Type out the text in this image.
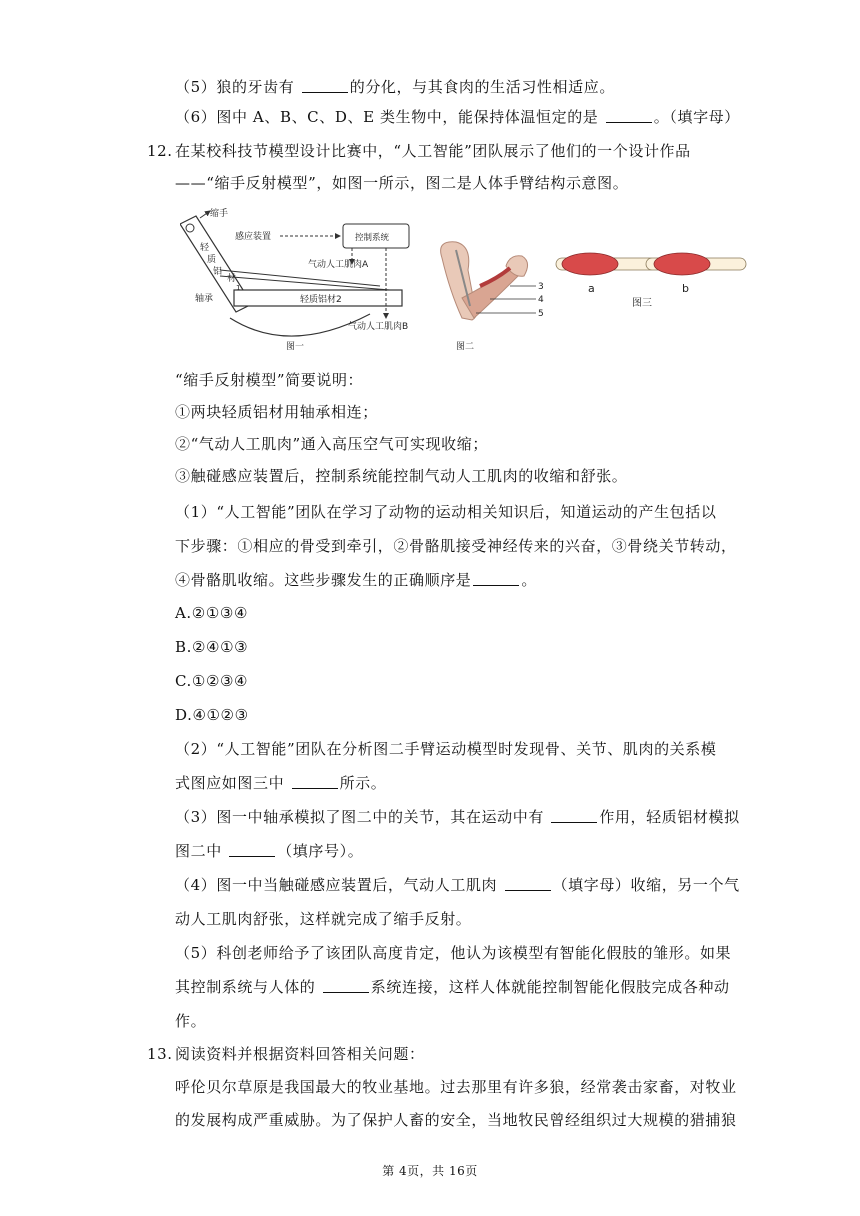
（5）狼的牙齿有	的分化，与其食肉的生活习性相适应。
（6）图中 A、B、C、D、E 类生物中，能保持体温恒定的是	。（填字母）
12. 在某校科技节模型设计比赛中，“人工智能”团队展示了他们的一个设计作品
——“缩手反射模型”，如图一所示，图二是人体手臂结构示意图。
缩手
感应装置	控制系统
气动人工肌肉A
轻
质
铝
材
1
轴承	轻质铝材2
气动人工肌肉B
图一
3
4
5
图二
a	b
图三
“缩手反射模型”简要说明：
①两块轻质铝材用轴承相连；
②“气动人工肌肉”通入高压空气可实现收缩；
③触碰感应装置后，控制系统能控制气动人工肌肉的收缩和舒张。
（1）“人工智能”团队在学习了动物的运动相关知识后，知道运动的产生包括以
下步骤：①相应的骨受到牵引，②骨骼肌接受神经传来的兴奋，③骨绕关节转动，
④骨骼肌收缩。这些步骤发生的正确顺序是	。
A.②①③④
B.②④①③
C.①②③④
D.④①②③
（2）“人工智能”团队在分析图二手臂运动模型时发现骨、关节、肌肉的关系模
式图应如图三中	所示。
（3）图一中轴承模拟了图二中的关节，其在运动中有	作用，轻质铝材模拟
图二中	（填序号）。
（4）图一中当触碰感应装置后，气动人工肌肉	（填字母）收缩，另一个气
动人工肌肉舒张，这样就完成了缩手反射。
（5）科创老师给予了该团队高度肯定，他认为该模型有智能化假肢的雏形。如果
其控制系统与人体的	系统连接，这样人体就能控制智能化假肢完成各种动
作。
13. 阅读资料并根据资料回答相关问题：
呼伦贝尔草原是我国最大的牧业基地。过去那里有许多狼，经常袭击家畜，对牧业
的发展构成严重威胁。为了保护人畜的安全，当地牧民曾经组织过大规模的猎捕狼
第 4页，共 16页
